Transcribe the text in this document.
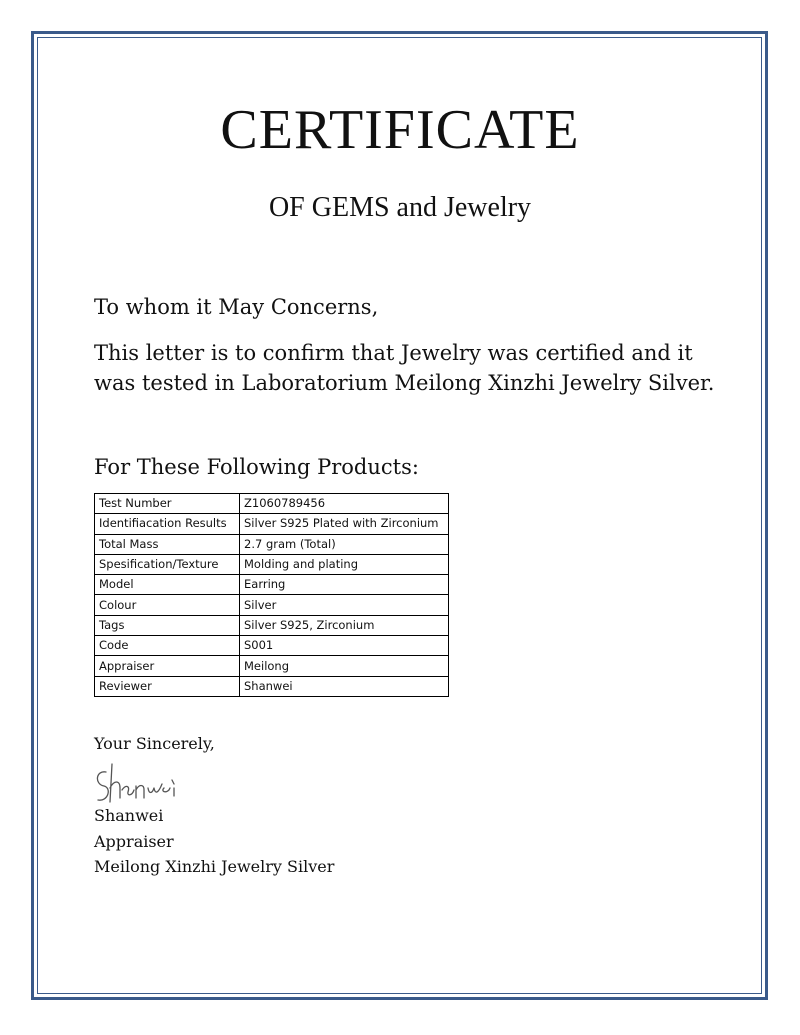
CERTIFICATE
OF GEMS and Jewelry
To whom it May Concerns,
This letter is to confirm that Jewelry was certified and it was tested in Laboratorium Meilong Xinzhi Jewelry Silver.
For These Following Products:
Test Number	Z1060789456
Identifiacation Results	Silver S925 Plated with Zirconium
Total Mass	2.7 gram (Total)
Spesification/Texture	Molding and plating
Model	Earring
Colour	Silver
Tags	Silver S925, Zirconium
Code	S001
Appraiser	Meilong
Reviewer	Shanwei
Your Sincerely,
Shanwei
Shanwei
Appraiser
Meilong Xinzhi Jewelry Silver
